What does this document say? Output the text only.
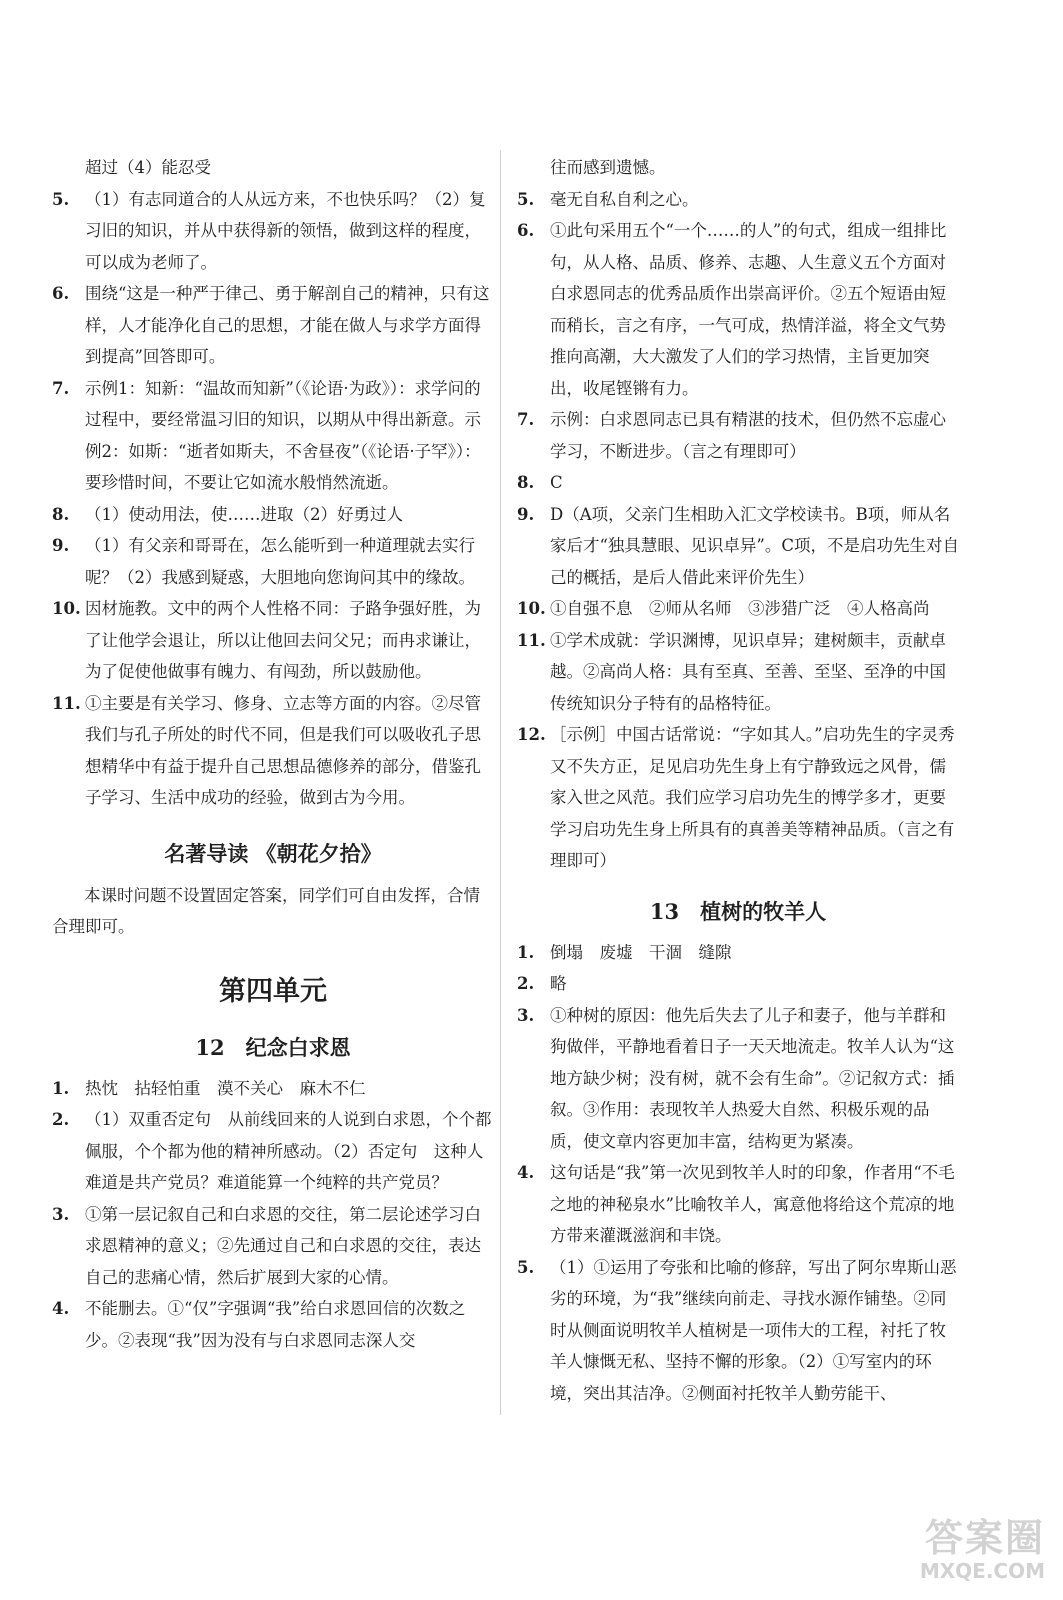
超过（4）能忍受

5. （1）有志同道合的人从远方来，不也快乐吗？（2）复习旧的知识，并从中获得新的领悟，做到这样的程度，可以成为老师了。

6. 围绕“这是一种严于律己、勇于解剖自己的精神，只有这样，人才能净化自己的思想，才能在做人与求学方面得到提高”回答即可。

7. 示例1：知新：“温故而知新”（《论语·为政》）：求学问的过程中，要经常温习旧的知识，以期从中得出新意。示例2：如斯：“逝者如斯夫，不舍昼夜”（《论语·子罕》）：要珍惜时间，不要让它如流水般悄然流逝。

8. （1）使动用法，使……进取（2）好勇过人

9. （1）有父亲和哥哥在，怎么能听到一种道理就去实行呢？（2）我感到疑惑，大胆地向您询问其中的缘故。

10. 因材施教。文中的两个人性格不同：子路争强好胜，为了让他学会退让，所以让他回去问父兄；而冉求谦让，为了促使他做事有魄力、有闯劲，所以鼓励他。

11. ①主要是有关学习、修身、立志等方面的内容。②尽管我们与孔子所处的时代不同，但是我们可以吸收孔子思想精华中有益于提升自己思想品德修养的部分，借鉴孔子学习、生活中成功的经验，做到古为今用。

名著导读 《朝花夕拾》

本课时问题不设置固定答案，同学们可自由发挥，合情合理即可。

第四单元
12　纪念白求恩

1. 热忱　拈轻怕重　漠不关心　麻木不仁

2. （1）双重否定句　从前线回来的人说到白求恩，个个都佩服，个个都为他的精神所感动。（2）否定句　这种人难道是共产党员？难道能算一个纯粹的共产党员？

3. ①第一层记叙自己和白求恩的交往，第二层论述学习白求恩精神的意义；②先通过自己和白求恩的交往，表达自己的悲痛心情，然后扩展到大家的心情。

4. 不能删去。①“仅”字强调“我”给白求恩回信的次数之少。②表现“我”因为没有与白求恩同志深人交

往而感到遗憾。

5. 毫无自私自利之心。

6. ①此句采用五个“一个……的人”的句式，组成一组排比句，从人格、品质、修养、志趣、人生意义五个方面对白求恩同志的优秀品质作出崇高评价。②五个短语由短而稍长，言之有序，一气可成，热情洋溢，将全文气势推向高潮，大大激发了人们的学习热情，主旨更加突出，收尾铿锵有力。

7. 示例：白求恩同志已具有精湛的技术，但仍然不忘虚心学习，不断进步。（言之有理即可）

8. C

9. D（A项，父亲门生相助入汇文学校读书。B项，师从名家后才“独具慧眼、见识卓异”。C项，不是启功先生对自己的概括，是后人借此来评价先生）

10. ①自强不息　②师从名师　③涉猎广泛　④人格高尚

11. ①学术成就：学识渊博，见识卓异；建树颇丰，贡献卓越。②高尚人格：具有至真、至善、至坚、至净的中国传统知识分子特有的品格特征。

12. ［示例］中国古话常说：“字如其人。”启功先生的字灵秀又不失方正，足见启功先生身上有宁静致远之风骨，儒家入世之风范。我们应学习启功先生的博学多才，更要学习启功先生身上所具有的真善美等精神品质。（言之有理即可）

13　植树的牧羊人

1. 倒塌　废墟　干涸　缝隙

2. 略

3. ①种树的原因：他先后失去了儿子和妻子，他与羊群和狗做伴，平静地看着日子一天天地流走。牧羊人认为“这地方缺少树；没有树，就不会有生命”。②记叙方式：插叙。③作用：表现牧羊人热爱大自然、积极乐观的品质，使文章内容更加丰富，结构更为紧凑。

4. 这句话是“我”第一次见到牧羊人时的印象，作者用“不毛之地的神秘泉水”比喻牧羊人，寓意他将给这个荒凉的地方带来灌溉滋润和丰饶。

5. （1）①运用了夸张和比喻的修辞，写出了阿尔卑斯山恶劣的环境，为“我”继续向前走、寻找水源作铺垫。②同时从侧面说明牧羊人植树是一项伟大的工程，衬托了牧羊人慷慨无私、坚持不懈的形象。（2）①写室内的环境，突出其洁净。②侧面衬托牧羊人勤劳能干、

答案圈
MXQE.COM
